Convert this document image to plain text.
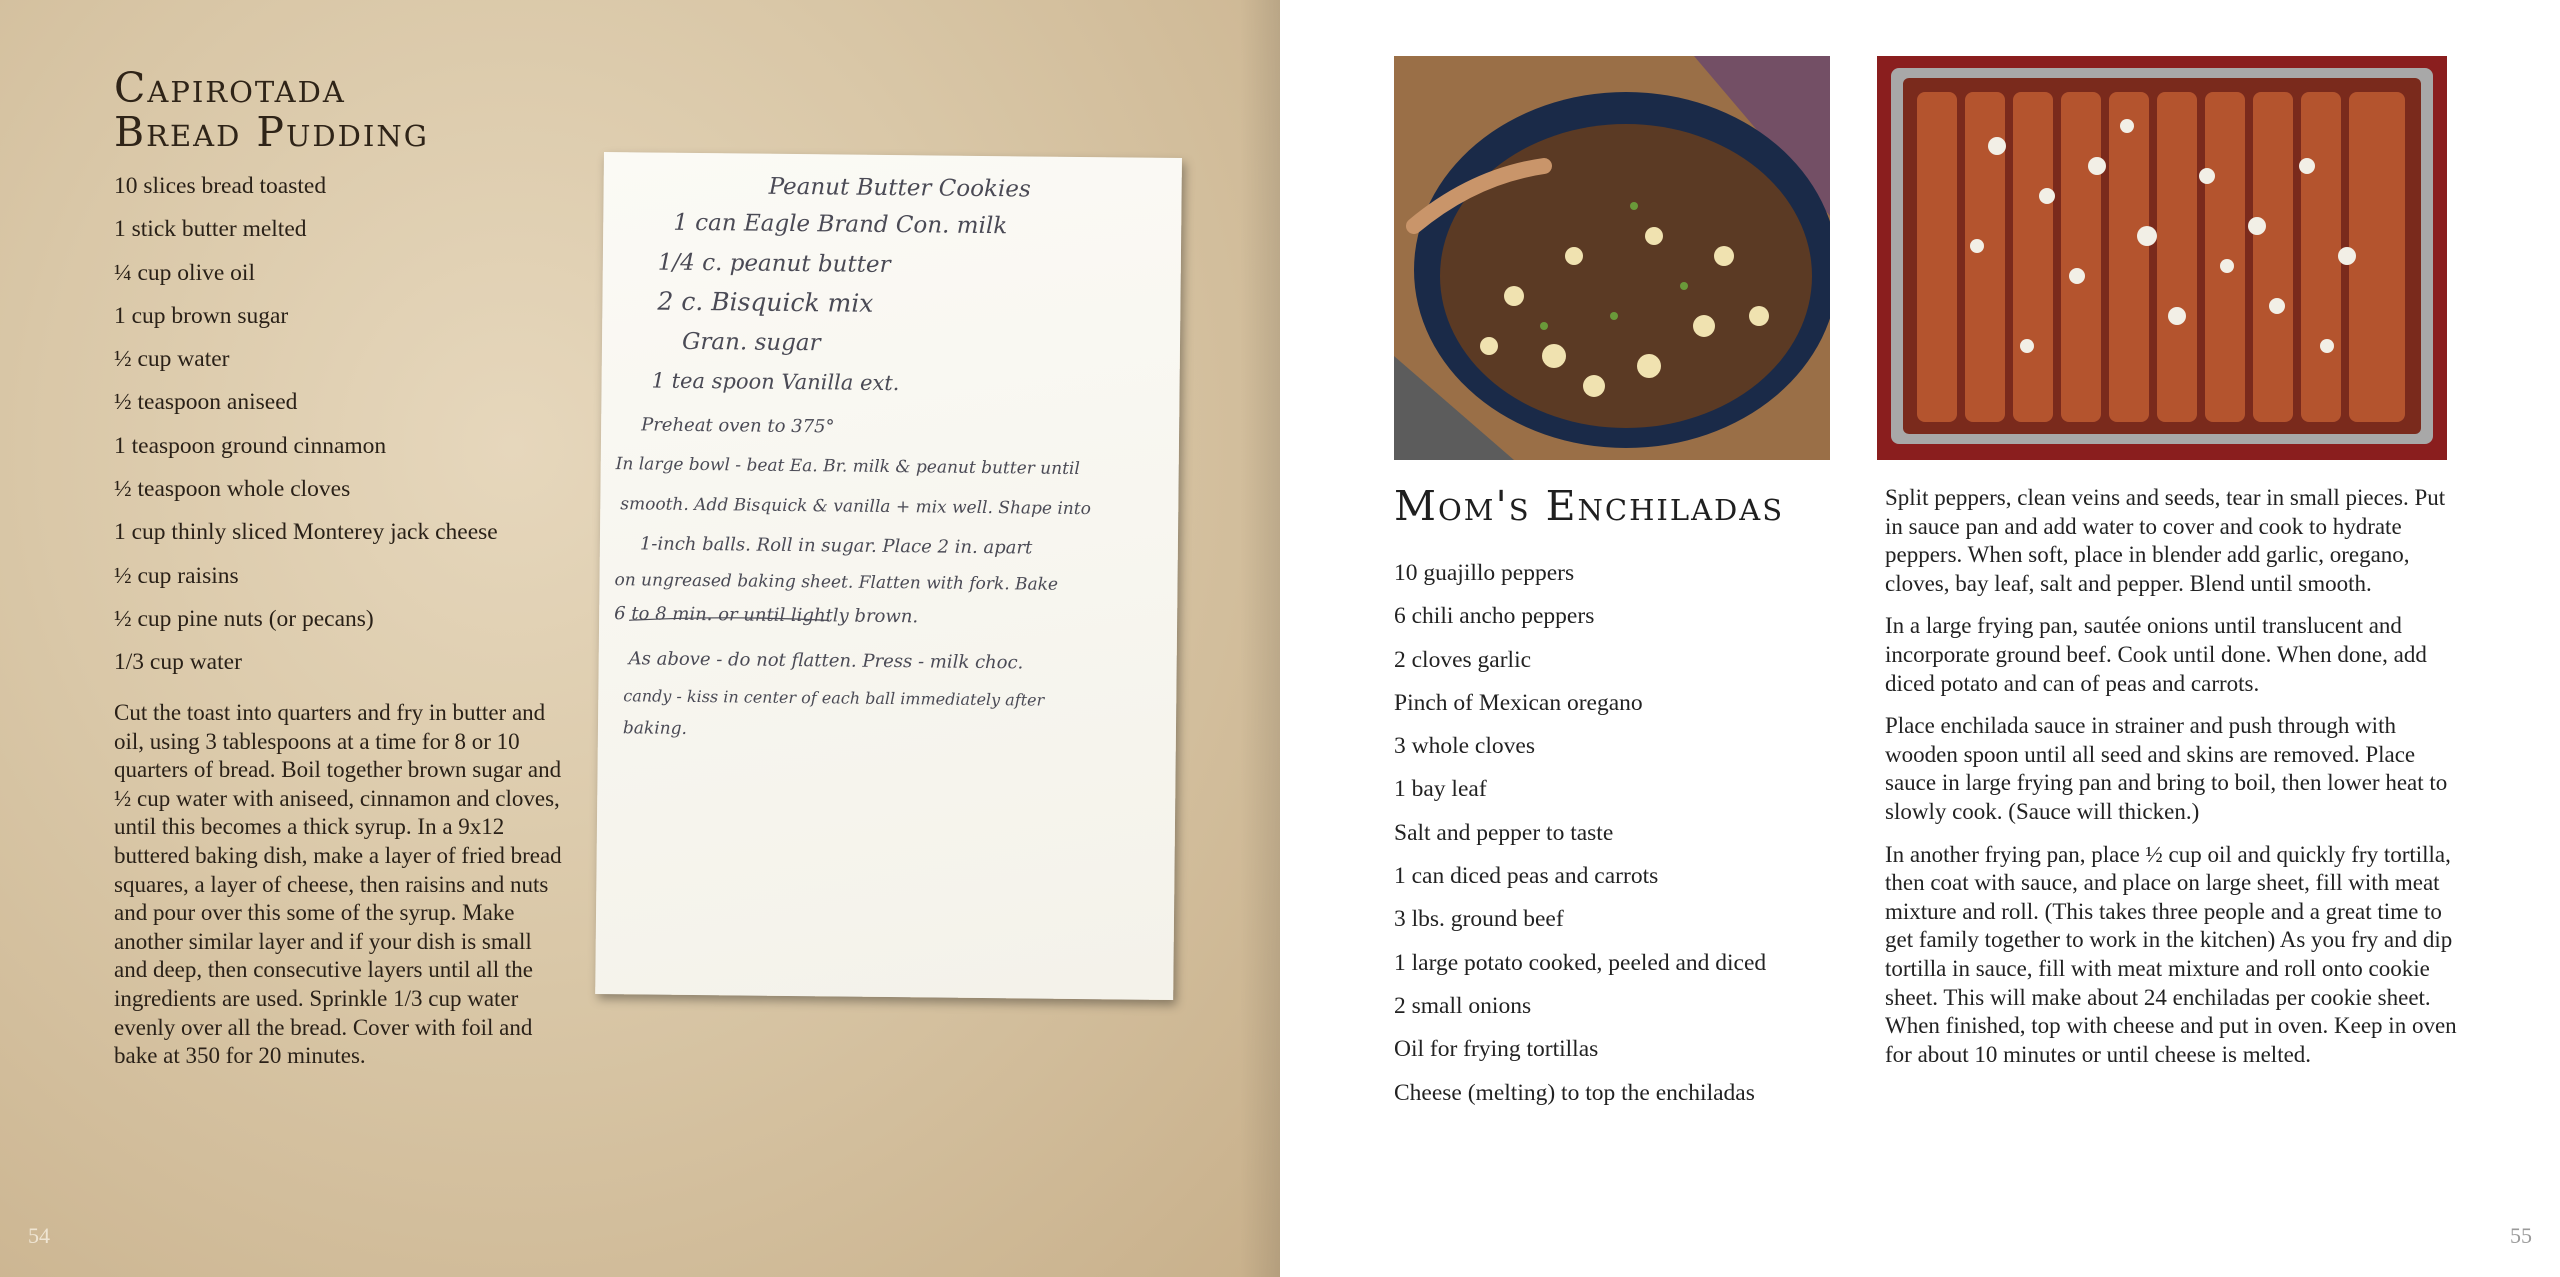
Capirotada
Bread Pudding
10 slices bread toasted
1 stick butter melted
¼ cup olive oil
1 cup brown sugar
½ cup water
½ teaspoon aniseed
1 teaspoon ground cinnamon
½ teaspoon whole cloves
1 cup thinly sliced Monterey jack cheese
½ cup raisins
½ cup pine nuts (or pecans)
1/3 cup water

Cut the toast into quarters and fry in butter and oil, using 3 tablespoons at a time for 8 or 10 quarters of bread. Boil together brown sugar and ½ cup water with aniseed, cinnamon and cloves, until this becomes a thick syrup. In a 9x12 buttered baking dish, make a layer of fried bread squares, a layer of cheese, then raisins and nuts and pour over this some of the syrup. Make another similar layer and if your dish is small and deep, then consecutive layers until all the ingredients are used. Sprinkle 1/3 cup water evenly over all the bread. Cover with foil and bake at 350 for 20 minutes.

Peanut Butter Cookies
1 can Eagle Brand Con. milk
1/4 c. peanut butter
2 c. Bisquick mix
Gran. sugar
1 tea spoon Vanilla ext.
Preheat oven to 375°
In large bowl - beat Ea. Br. milk & peanut butter until
smooth. Add Bisquick & vanilla + mix well. Shape into
1-inch balls. Roll in sugar. Place 2 in. apart
on ungreased baking sheet. Flatten with fork. Bake
6 to 8 min. or until lightly brown.
As above - do not flatten. Press - milk choc.
candy - kiss in center of each ball immediately after
baking.
54
Mom's Enchiladas
10 guajillo peppers
6 chili ancho peppers
2 cloves garlic
Pinch of Mexican oregano
3 whole cloves
1 bay leaf
Salt and pepper to taste
1 can diced peas and carrots
3 lbs. ground beef
1 large potato cooked, peeled and diced
2 small onions
Oil for frying tortillas
Cheese (melting) to top the enchiladas

Split peppers, clean veins and seeds, tear in small pieces. Put in sauce pan and add water to cover and cook to hydrate peppers. When soft, place in blender add garlic, oregano, cloves, bay leaf, salt and pepper. Blend until smooth.

In a large frying pan, sautée onions until translucent and incorporate ground beef. Cook until done. When done, add diced potato and can of peas and carrots.

Place enchilada sauce in strainer and push through with wooden spoon until all seed and skins are removed. Place sauce in large frying pan and bring to boil, then lower heat to slowly cook. (Sauce will thicken.)

In another frying pan, place ½ cup oil and quickly fry tortilla, then coat with sauce, and place on large sheet, fill with meat mixture and roll. (This takes three people and a great time to get family together to work in the kitchen) As you fry and dip tortilla in sauce, fill with meat mixture and roll onto cookie sheet. This will make about 24 enchiladas per cookie sheet. When finished, top with cheese and put in oven. Keep in oven for about 10 minutes or until cheese is melted.

55
